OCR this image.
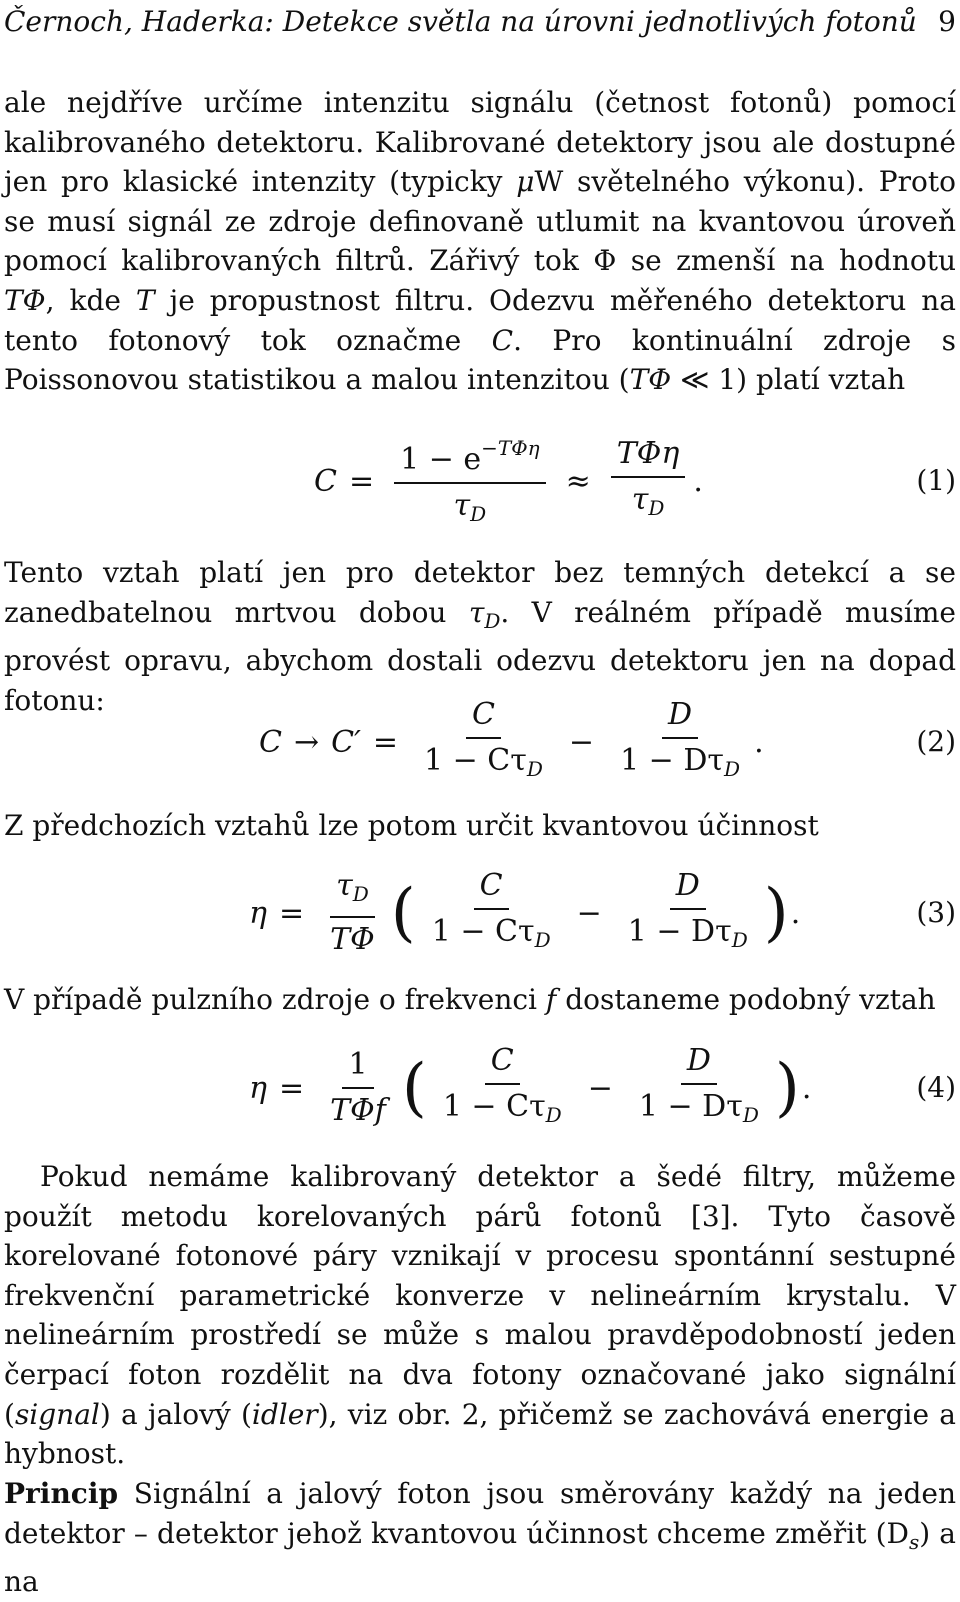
Černoch, Haderka: Detekce světla na úrovni jednotlivých fotonů 9

ale nejdříve určíme intenzitu signálu (četnost fotonů) pomocí kalibrovaného detektoru. Kalibrované detektory jsou ale dostupné jen pro klasické intenzity (typicky μW světelného výkonu). Proto se musí signál ze zdroje definovaně utlumit na kvantovou úroveň pomocí kalibrovaných filtrů. Zářivý tok Φ se zmenší na hodnotu TΦ, kde T je propustnost filtru. Odezvu měřeného detektoru na tento fotonový tok označme C. Pro kontinuální zdroje s Poissonovou statistikou a malou intenzitou (TΦ ≪ 1) platí vztah

$C = \frac{1 - e^{-T\Phi\eta}}{\tau_D} \approx \frac{\text{TΦη}}{\tau_D}$ .	(1)

Tento vztah platí jen pro detektor bez temných detekcí a se zanedbatelnou mrtvou dobou $\tau_D$. V reálném případě musíme provést opravu, abychom dostali odezvu detektoru jen na dopad fotonu:

$C \to C' = \frac{C}{1 - C\tau_D} - \frac{D}{1 - D\tau_D}$ .	(2)

Z předchozích vztahů lze potom určit kvantovou účinnost

$\eta = \frac{\tau_D}{T\Phi}$ ( $\frac{C}{1 - C\tau_D} - \frac{D}{1 - D\tau_D}$ ) .	(3)

V případě pulzního zdroje o frekvenci f dostaneme podobný vztah

$\eta = \frac{1}{\text{TΦf}}$ ( $\frac{C}{1 - C\tau_D} - \frac{D}{1 - D\tau_D}$ ) .	(4)

Pokud nemáme kalibrovaný detektor a šedé filtry, můžeme použít metodu korelovaných párů fotonů [3]. Tyto časově korelované fotonové páry vznikají v procesu spontánní sestupné frekvenční parametrické konverze v nelineárním krystalu. V nelineárním prostředí se může s malou pravděpodobností jeden čerpací foton rozdělit na dva fotony označované jako signální (signal) a jalový (idler), viz obr. 2, přičemž se zachovává energie a hybnost.

Princip Signální a jalový foton jsou směrovány každý na jeden detektor – detektor jehož kvantovou účinnost chceme změřit $(D_s)$ a na
